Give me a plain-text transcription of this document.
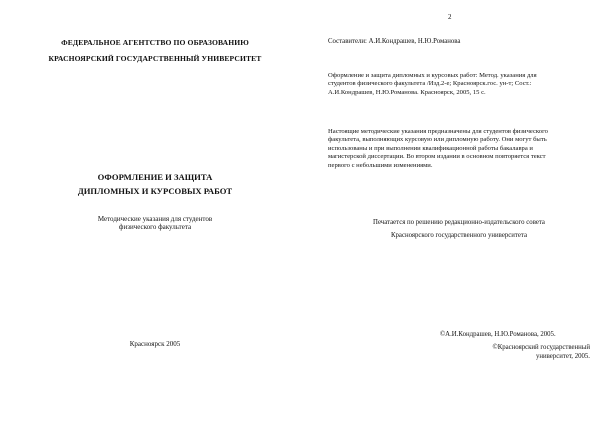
ФЕДЕРАЛЬНОЕ АГЕНТСТВО ПО ОБРАЗОВАНИЮ

КРАСНОЯРСКИЙ ГОСУДАРСТВЕННЫЙ УНИВЕРСИТЕТ

ОФОРМЛЕНИЕ И ЗАЩИТА

ДИПЛОМНЫХ И КУРСОВЫХ РАБОТ

Методические указания для студентов

физического факультета

Красноярск 2005

2

Составители: А.И.Кондрашев, Н.Ю.Романова

Оформление и защита дипломных и курсовых работ: Метод. указания для
студентов физического факультета /Изд.2-е; Красноярск.гос. ун-т; Сост.:
А.И.Кондрашев, Н.Ю.Романова. Красноярск, 2005, 15 с.
Настоящие методические указания предназначены для студентов физического
факультета, выполняющих курсовую или дипломную работу. Они могут быть
использованы и при выполнении квалификационной работы бакалавра и
магистерской диссертации. Во втором издании в основном повторяется текст
первого с небольшими изменениями.

Печатается по решению редакционно-издательского совета

Красноярского государственного университета

©А.И.Кондрашев, Н.Ю.Романова, 2005.

©Красноярский государственный
университет, 2005.
